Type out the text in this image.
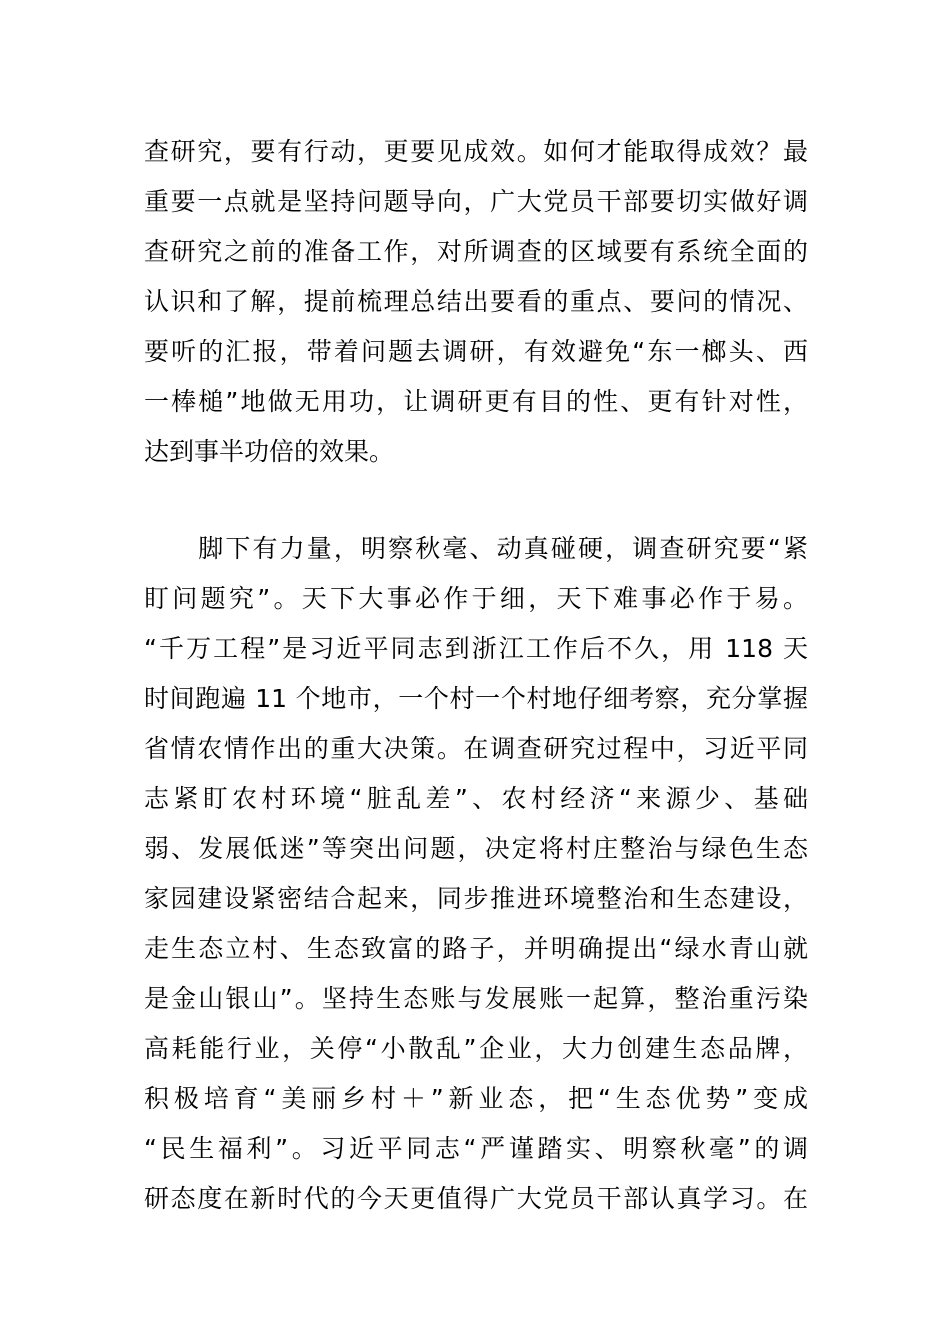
查研究，要有行动，更要见成效。如何才能取得成效？最
重要一点就是坚持问题导向，广大党员干部要切实做好调
查研究之前的准备工作，对所调查的区域要有系统全面的
认识和了解，提前梳理总结出要看的重点、要问的情况、
要听的汇报，带着问题去调研，有效避免“东一榔头、西
一棒槌”地做无用功，让调研更有目的性、更有针对性，
达到事半功倍的效果。
　　脚下有力量，明察秋毫、动真碰硬，调查研究要“紧
盯问题究”。天下大事必作于细，天下难事必作于易。
“千万工程”是习近平同志到浙江工作后不久，用 118 天
时间跑遍 11 个地市，一个村一个村地仔细考察，充分掌握
省情农情作出的重大决策。在调查研究过程中，习近平同
志紧盯农村环境“脏乱差”、农村经济“来源少、基础
弱、发展低迷”等突出问题，决定将村庄整治与绿色生态
家园建设紧密结合起来，同步推进环境整治和生态建设，
走生态立村、生态致富的路子，并明确提出“绿水青山就
是金山银山”。坚持生态账与发展账一起算，整治重污染
高耗能行业，关停“小散乱”企业，大力创建生态品牌，
积极培育“美丽乡村＋”新业态，把“生态优势”变成
“民生福利”。习近平同志“严谨踏实、明察秋毫”的调
研态度在新时代的今天更值得广大党员干部认真学习。在
